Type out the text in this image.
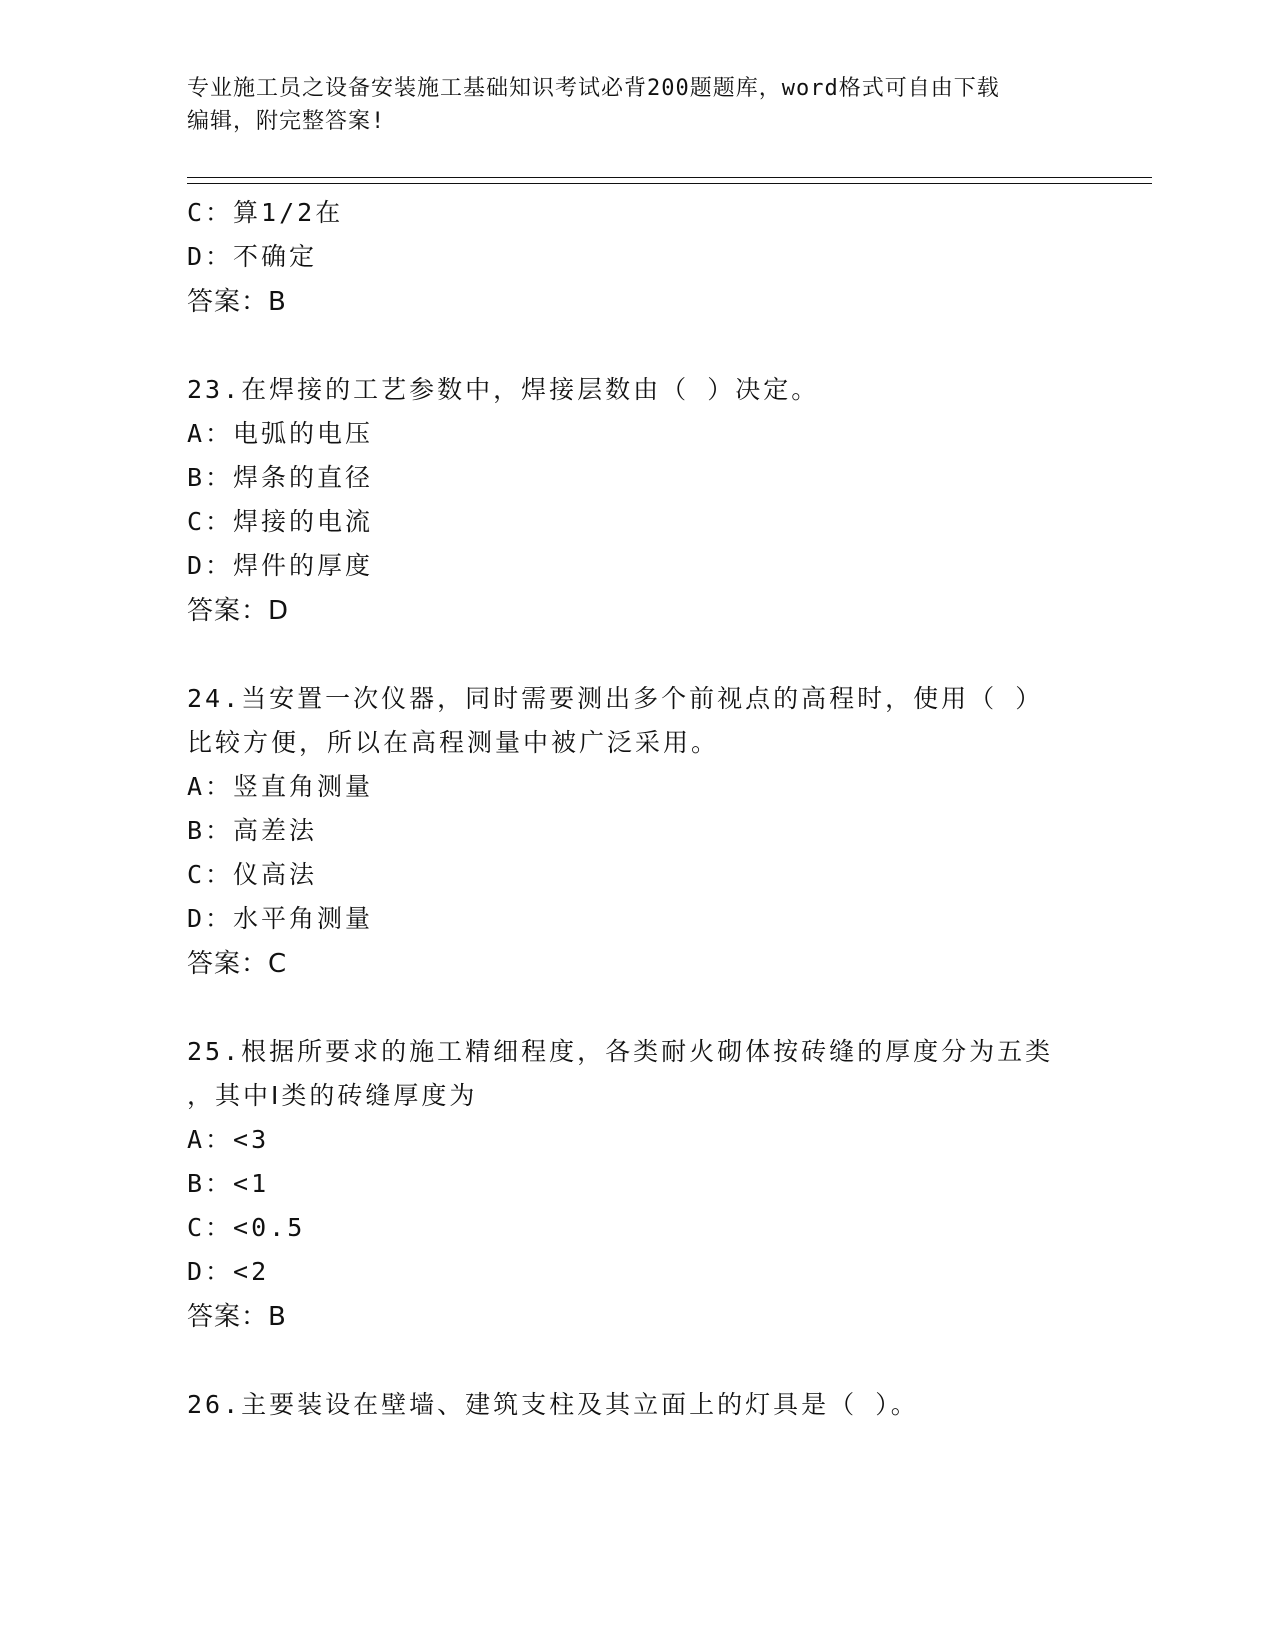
专业施工员之设备安装施工基础知识考试必背200题题库，word格式可自由下载
编辑，附完整答案!
C：算1/2在
D：不确定
答案：B
23.在焊接的工艺参数中，焊接层数由（ ）决定。
A：电弧的电压
B：焊条的直径
C：焊接的电流
D：焊件的厚度
答案：D
24.当安置一次仪器，同时需要测出多个前视点的高程时，使用（ ）
比较方便，所以在高程测量中被广泛采用。
A：竖直角测量
B：高差法
C：仪高法
D：水平角测量
答案：C
25.根据所要求的施工精细程度，各类耐火砌体按砖缝的厚度分为五类
，其中Ⅰ类的砖缝厚度为
A：<3
B：<1
C：<0.5
D：<2
答案：B
26.主要装设在壁墙、建筑支柱及其立面上的灯具是（ ）。
